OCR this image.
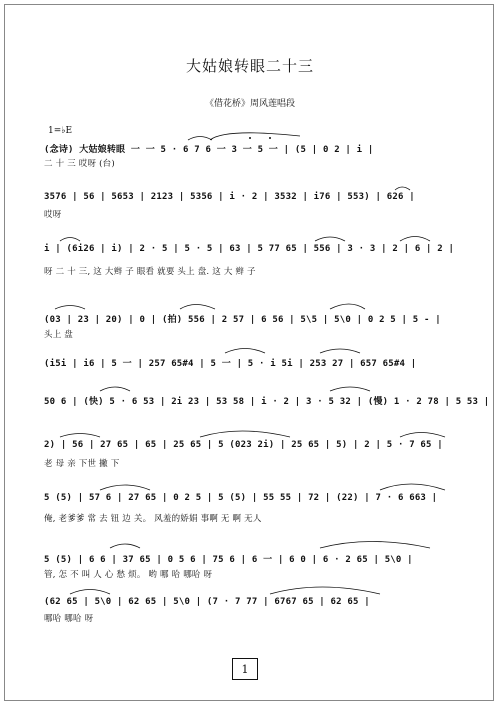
大姑娘转眼二十三
《借花桥》周风莲唱段
1=♭E
(念诗) 大姑娘转眼 一 一 5 · 6 7 6 一 3 一 5 一 | (5 | 0 2 | i |
二 十 三 哎呀 (台)
3576 | 56 | 5653 | 2123 | 5356 | i · 2 | 3532 | i76 | 553) | 626 |
哎呀
i | (6i26 | i) | 2 · 5 | 5 · 5 | 63 | 5 77 65 | 556 | 3 · 3 | 2 | 6 | 2 |
呀 二 十 三, 这 大辫 子 眼看 就要 头上 盘. 这 大 辫 子
(03 | 23 | 20) | 0 | (拍) 556 | 2 57 | 6 56 | 5\5 | 5\0 | 0 2 5 | 5 - |
头上 盘
(i5i | i6 | 5 一 | 257 65#4 | 5 一 | 5 · i 5i | 253 27 | 657 65#4 |
50 6 | (快) 5 · 6 53 | 2i 23 | 53 58 | i · 2 | 3 · 5 32 | (慢) 1 · 2 78 | 5 53 |
2) | 56 | 27 65 | 65 | 25 65 | 5 (023 2i) | 25 65 | 5) | 2 | 5 · 7 65 |
老 母 亲 下世 撇 下
5 (5) | 57 6 | 27 65 | 0 2 5 | 5 (5) | 55 55 | 72 | (22) | 7 · 6 663 |
俺, 老爹爹 常 去 钮 边 关。 风羞的娇娟 事啊 无 啊 无人
5 (5) | 6 6 | 37 65 | 0 5 6 | 75 6 | 6 一 | 6 0 | 6 · 2 65 | 5\0 |
管, 怎 不 叫 人 心 愁 烦。 哟 哪 哈 哪哈 呀
(62 65 | 5\0 | 62 65 | 5\0 | (7 · 7 77 | 6767 65 | 62 65 |
哪哈 哪哈 呀
1
